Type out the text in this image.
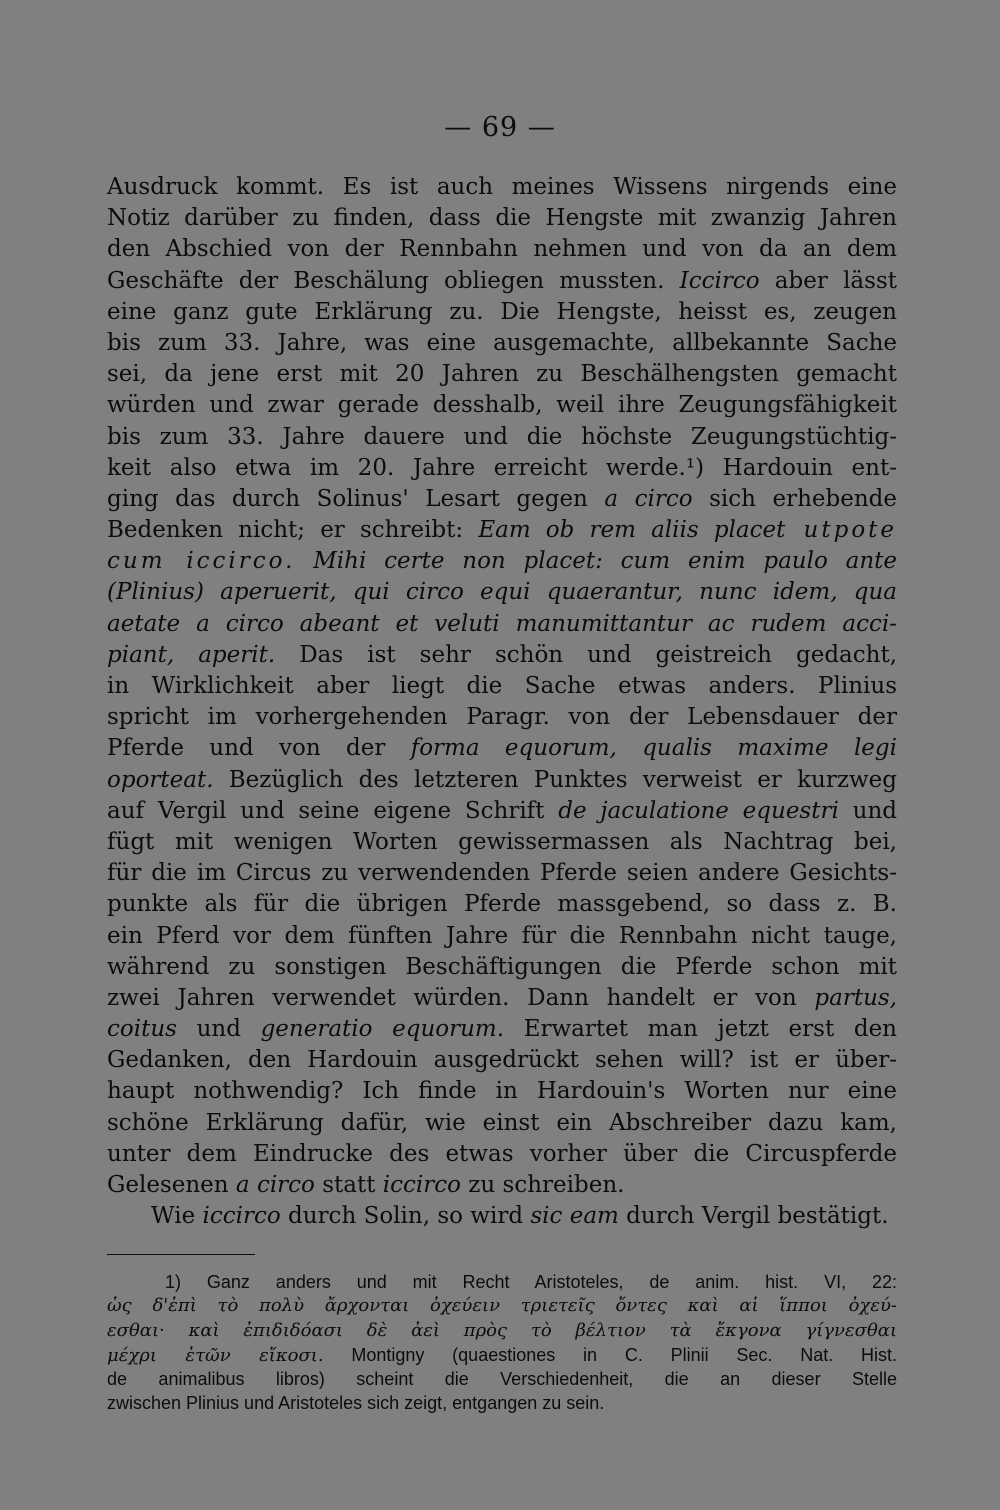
— 69 —
Ausdruck kommt. Es ist auch meines Wissens nirgends eine
Notiz darüber zu finden, dass die Hengste mit zwanzig Jahren
den Abschied von der Rennbahn nehmen und von da an dem
Geschäfte der Beschälung obliegen mussten. Iccirco aber lässt
eine ganz gute Erklärung zu. Die Hengste, heisst es, zeugen
bis zum 33. Jahre, was eine ausgemachte, allbekannte Sache
sei, da jene erst mit 20 Jahren zu Beschälhengsten gemacht
würden und zwar gerade desshalb, weil ihre Zeugungsfähigkeit
bis zum 33. Jahre dauere und die höchste Zeugungstüchtig-
keit also etwa im 20. Jahre erreicht werde.¹) Hardouin ent-
ging das durch Solinus' Lesart gegen a circo sich erhebende
Bedenken nicht; er schreibt: Eam ob rem aliis placet utpote
cum iccirco. Mihi certe non placet: cum enim paulo ante
(Plinius) aperuerit, qui circo equi quaerantur, nunc idem, qua
aetate a circo abeant et veluti manumittantur ac rudem acci-
piant, aperit. Das ist sehr schön und geistreich gedacht,
in Wirklichkeit aber liegt die Sache etwas anders. Plinius
spricht im vorhergehenden Paragr. von der Lebensdauer der
Pferde und von der forma equorum, qualis maxime legi
oporteat. Bezüglich des letzteren Punktes verweist er kurzweg
auf Vergil und seine eigene Schrift de jaculatione equestri und
fügt mit wenigen Worten gewissermassen als Nachtrag bei,
für die im Circus zu verwendenden Pferde seien andere Gesichts-
punkte als für die übrigen Pferde massgebend, so dass z. B.
ein Pferd vor dem fünften Jahre für die Rennbahn nicht tauge,
während zu sonstigen Beschäftigungen die Pferde schon mit
zwei Jahren verwendet würden. Dann handelt er von partus,
coitus und generatio equorum. Erwartet man jetzt erst den
Gedanken, den Hardouin ausgedrückt sehen will? ist er über-
haupt nothwendig? Ich finde in Hardouin's Worten nur eine
schöne Erklärung dafür, wie einst ein Abschreiber dazu kam,
unter dem Eindrucke des etwas vorher über die Circuspferde
Gelesenen a circo statt iccirco zu schreiben.
Wie iccirco durch Solin, so wird sic eam durch Vergil bestätigt.
1) Ganz anders und mit Recht Aristoteles, de anim. hist. VI, 22:
ὡς δ'ἐπὶ τὸ πολὺ ἄρχονται ὀχεύειν τριετεῖς ὄντες καὶ αἱ ἵπποι ὀχεύ-
εσθαι· καὶ ἐπιδιδόασι δὲ ἀεὶ πρὸς τὸ βέλτιον τὰ ἔκγονα γίγνεσθαι
μέχρι ἐτῶν εἴκοσι. Montigny (quaestiones in C. Plinii Sec. Nat. Hist.
de animalibus libros) scheint die Verschiedenheit, die an dieser Stelle
zwischen Plinius und Aristoteles sich zeigt, entgangen zu sein.
